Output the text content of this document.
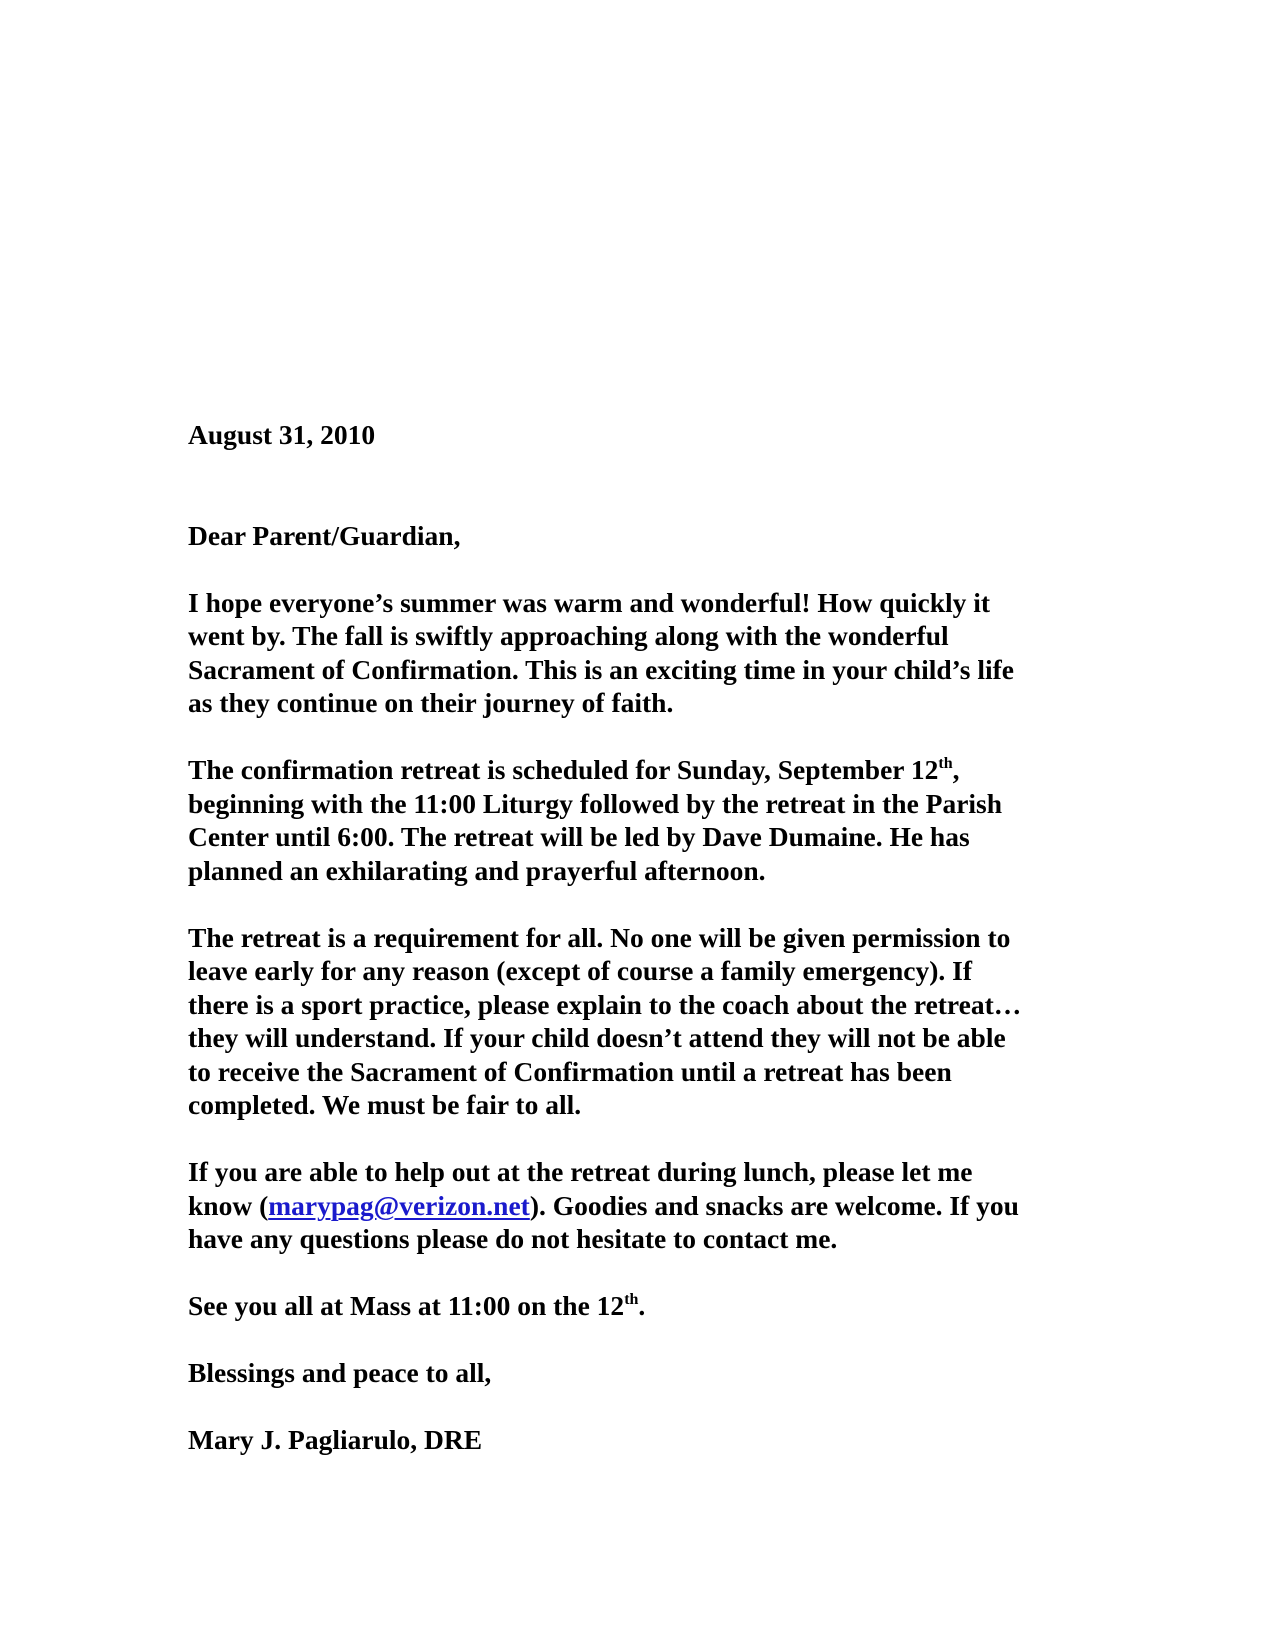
August 31, 2010

Dear Parent/Guardian,

I hope everyone’s summer was warm and wonderful! How quickly it
went by. The fall is swiftly approaching along with the wonderful
Sacrament of Confirmation. This is an exciting time in your child’s life
as they continue on their journey of faith.

The confirmation retreat is scheduled for Sunday, September 12th,
beginning with the 11:00 Liturgy followed by the retreat in the Parish
Center until 6:00. The retreat will be led by Dave Dumaine. He has
planned an exhilarating and prayerful afternoon.

The retreat is a requirement for all. No one will be given permission to
leave early for any reason (except of course a family emergency). If
there is a sport practice, please explain to the coach about the retreat…
they will understand. If your child doesn’t attend they will not be able
to receive the Sacrament of Confirmation until a retreat has been
completed. We must be fair to all.

If you are able to help out at the retreat during lunch, please let me
know (marypag@verizon.net). Goodies and snacks are welcome. If you
have any questions please do not hesitate to contact me.

See you all at Mass at 11:00 on the 12th.

Blessings and peace to all,

Mary J. Pagliarulo, DRE
